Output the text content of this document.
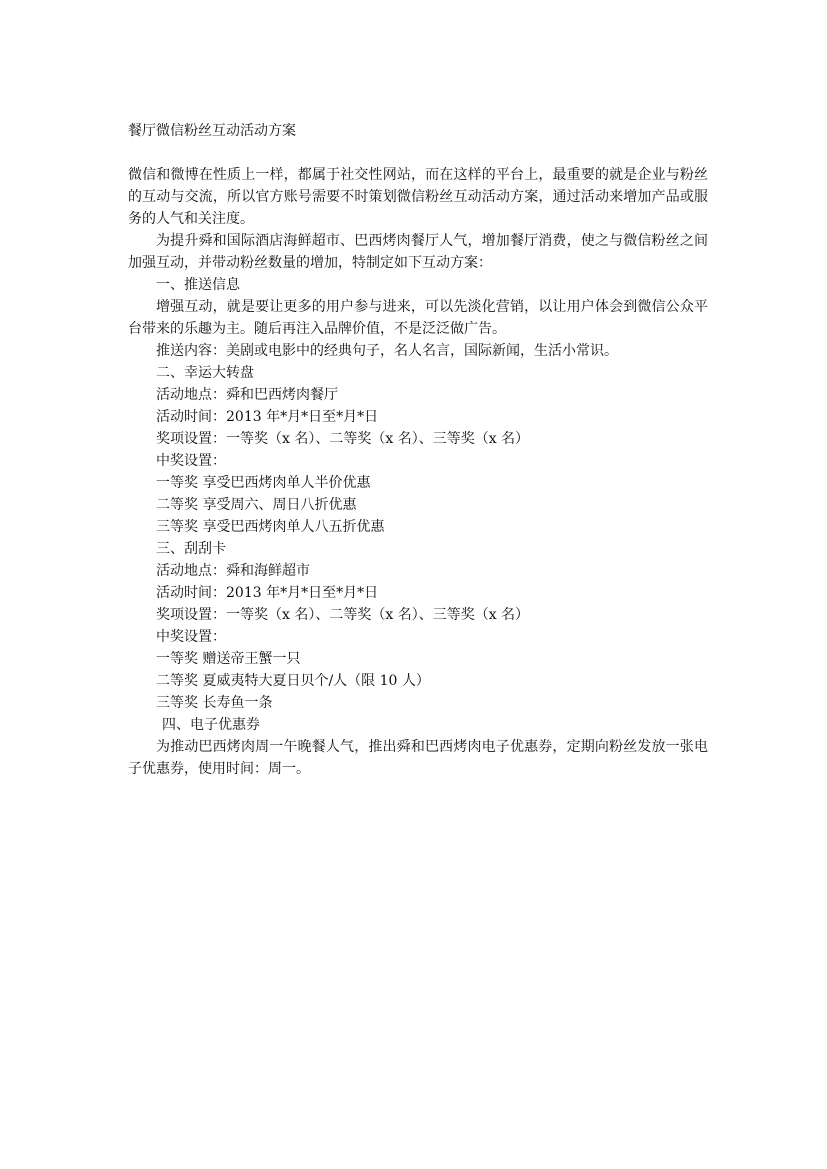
餐厅微信粉丝互动活动方案

微信和微博在性质上一样，都属于社交性网站，而在这样的平台上，最重要的就是企业与粉丝的互动与交流，所以官方账号需要不时策划微信粉丝互动活动方案，通过活动来增加产品或服务的人气和关注度。

为提升舜和国际酒店海鲜超市、巴西烤肉餐厅人气，增加餐厅消费，使之与微信粉丝之间加强互动，并带动粉丝数量的增加，特制定如下互动方案：

一、推送信息

增强互动，就是要让更多的用户参与进来，可以先淡化营销，以让用户体会到微信公众平台带来的乐趣为主。随后再注入品牌价值，不是泛泛做广告。

推送内容：美剧或电影中的经典句子，名人名言，国际新闻，生活小常识。

二、幸运大转盘

活动地点：舜和巴西烤肉餐厅

活动时间：2013 年*月*日至*月*日

奖项设置：一等奖（x 名）、二等奖（x 名）、三等奖（x 名）

中奖设置：

一等奖 享受巴西烤肉单人半价优惠

二等奖 享受周六、周日八折优惠

三等奖 享受巴西烤肉单人八五折优惠

三、刮刮卡

活动地点：舜和海鲜超市

活动时间：2013 年*月*日至*月*日

奖项设置：一等奖（x 名）、二等奖（x 名）、三等奖（x 名）

中奖设置：

一等奖 赠送帝王蟹一只

二等奖 夏威夷特大夏日贝个/人（限 10 人）

三等奖 长寿鱼一条

四、电子优惠券

为推动巴西烤肉周一午晚餐人气，推出舜和巴西烤肉电子优惠券，定期向粉丝发放一张电子优惠券，使用时间：周一。
